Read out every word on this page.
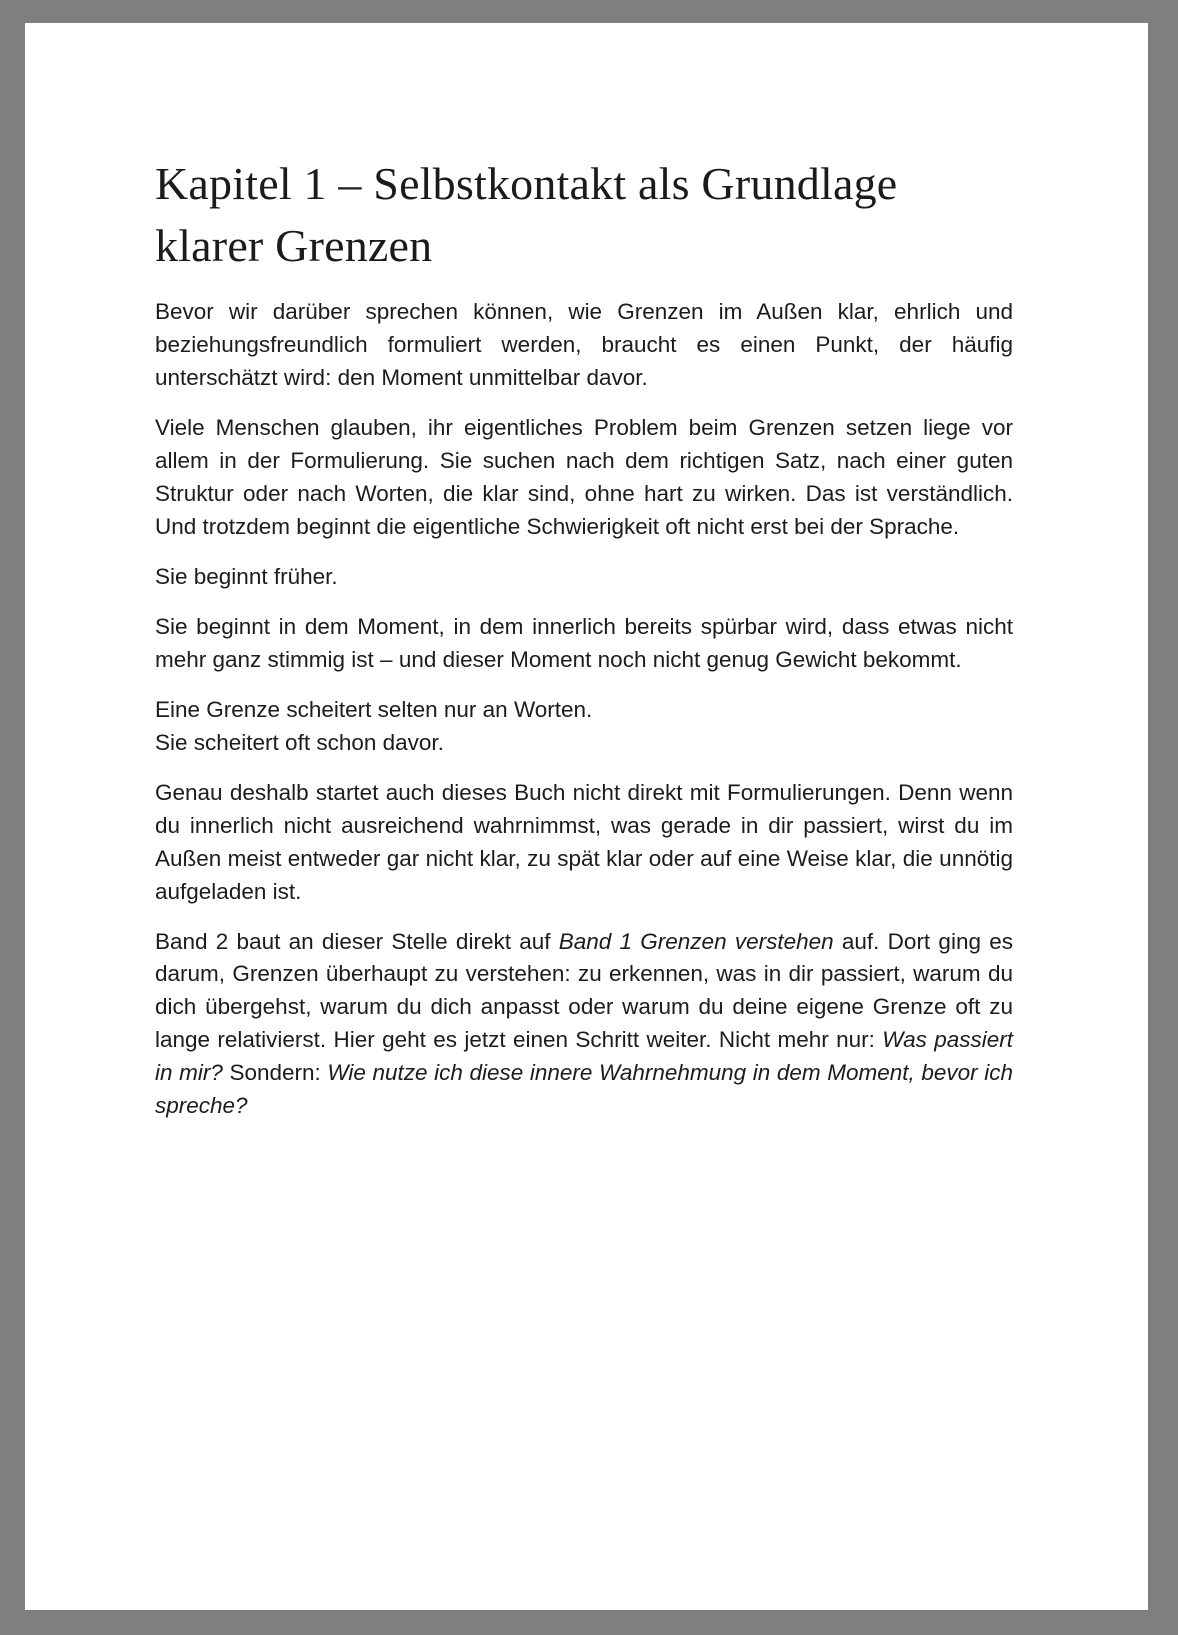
Kapitel 1 – Selbstkontakt als Grundlage klarer Grenzen

Bevor wir darüber sprechen können, wie Grenzen im Außen klar, ehrlich und beziehungsfreundlich formuliert werden, braucht es einen Punkt, der häufig unterschätzt wird: den Moment unmittelbar davor.

Viele Menschen glauben, ihr eigentliches Problem beim Grenzen setzen liege vor allem in der Formulierung. Sie suchen nach dem richtigen Satz, nach einer guten Struktur oder nach Worten, die klar sind, ohne hart zu wirken. Das ist verständlich. Und trotzdem beginnt die eigentliche Schwierigkeit oft nicht erst bei der Sprache.

Sie beginnt früher.

Sie beginnt in dem Moment, in dem innerlich bereits spürbar wird, dass etwas nicht mehr ganz stimmig ist – und dieser Moment noch nicht genug Gewicht bekommt.

Eine Grenze scheitert selten nur an Worten.
Sie scheitert oft schon davor.

Genau deshalb startet auch dieses Buch nicht direkt mit Formulierungen. Denn wenn du innerlich nicht ausreichend wahrnimmst, was gerade in dir passiert, wirst du im Außen meist entweder gar nicht klar, zu spät klar oder auf eine Weise klar, die unnötig aufgeladen ist.

Band 2 baut an dieser Stelle direkt auf Band 1 Grenzen verstehen auf. Dort ging es darum, Grenzen überhaupt zu verstehen: zu erkennen, was in dir passiert, warum du dich übergehst, warum du dich anpasst oder warum du deine eigene Grenze oft zu lange relativierst. Hier geht es jetzt einen Schritt weiter. Nicht mehr nur: Was passiert in mir? Sondern: Wie nutze ich diese innere Wahrnehmung in dem Moment, bevor ich spreche?
